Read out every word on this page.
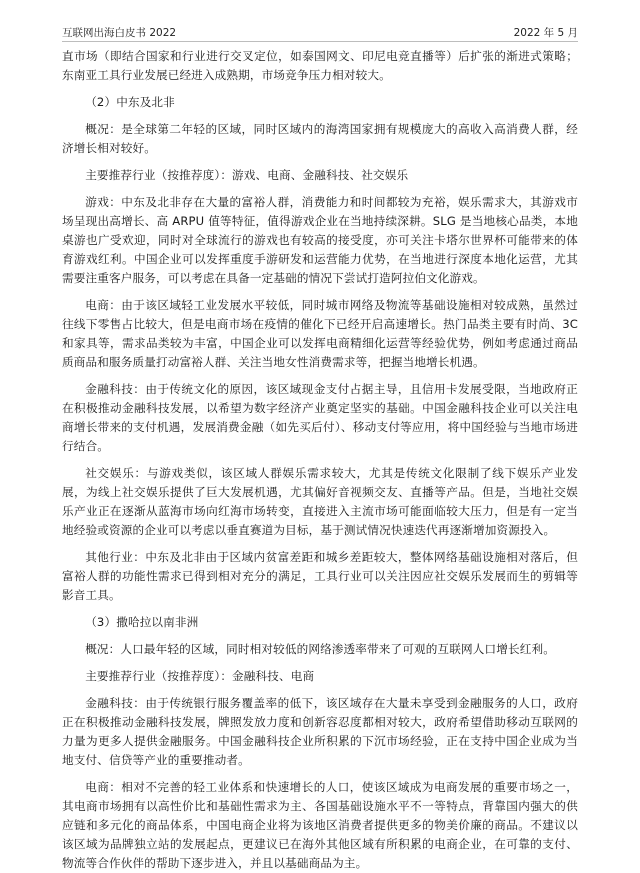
互联网出海白皮书 2022	2022 年 5 月

直市场（即结合国家和行业进行交叉定位，如泰国网文、印尼电竞直播等）后扩张的渐进式策略；东南亚工具行业发展已经进入成熟期，市场竞争压力相对较大。

（2）中东及北非

概况：是全球第二年轻的区域，同时区域内的海湾国家拥有规模庞大的高收入高消费人群，经济增长相对较好。

主要推荐行业（按推荐度）：游戏、电商、金融科技、社交娱乐

游戏：中东及北非存在大量的富裕人群，消费能力和时间都较为充裕，娱乐需求大，其游戏市场呈现出高增长、高 ARPU 值等特征，值得游戏企业在当地持续深耕。SLG 是当地核心品类，本地桌游也广受欢迎，同时对全球流行的游戏也有较高的接受度，亦可关注卡塔尔世界杯可能带来的体育游戏红利。中国企业可以发挥重度手游研发和运营能力优势，在当地进行深度本地化运营，尤其需要注重客户服务，可以考虑在具备一定基础的情况下尝试打造阿拉伯文化游戏。

电商：由于该区域轻工业发展水平较低，同时城市网络及物流等基础设施相对较成熟，虽然过往线下零售占比较大，但是电商市场在疫情的催化下已经开启高速增长。热门品类主要有时尚、3C 和家具等，需求品类较为丰富，中国企业可以发挥电商精细化运营等经验优势，例如考虑通过商品质商品和服务质量打动富裕人群、关注当地女性消费需求等，把握当地增长机遇。

金融科技：由于传统文化的原因，该区域现金支付占据主导，且信用卡发展受限，当地政府正在积极推动金融科技发展，以希望为数字经济产业奠定坚实的基础。中国金融科技企业可以关注电商增长带来的支付机遇，发展消费金融（如先买后付）、移动支付等应用，将中国经验与当地市场进行结合。

社交娱乐：与游戏类似，该区域人群娱乐需求较大，尤其是传统文化限制了线下娱乐产业发展，为线上社交娱乐提供了巨大发展机遇，尤其偏好音视频交友、直播等产品。但是，当地社交娱乐产业正在逐渐从蓝海市场向红海市场转变，直接进入主流市场可能面临较大压力，但是有一定当地经验或资源的企业可以考虑以垂直赛道为目标，基于测试情况快速迭代再逐渐增加资源投入。

其他行业：中东及北非由于区域内贫富差距和城乡差距较大，整体网络基础设施相对落后，但富裕人群的功能性需求已得到相对充分的满足，工具行业可以关注因应社交娱乐发展而生的剪辑等影音工具。

（3）撒哈拉以南非洲

概况：人口最年轻的区域，同时相对较低的网络渗透率带来了可观的互联网人口增长红利。

主要推荐行业（按推荐度）：金融科技、电商

金融科技：由于传统银行服务覆盖率的低下，该区域存在大量未享受到金融服务的人口，政府正在积极推动金融科技发展，牌照发放力度和创新容忍度都相对较大，政府希望借助移动互联网的力量为更多人提供金融服务。中国金融科技企业所积累的下沉市场经验，正在支持中国企业成为当地支付、信贷等产业的重要推动者。

电商：相对不完善的轻工业体系和快速增长的人口，使该区域成为电商发展的重要市场之一，其电商市场拥有以高性价比和基础性需求为主、各国基础设施水平不一等特点，背靠国内强大的供应链和多元化的商品体系，中国电商企业将为该地区消费者提供更多的物美价廉的商品。不建议以该区域为品牌独立站的发展起点，更建议已在海外其他区域有所积累的电商企业，在可靠的支付、物流等合作伙伴的帮助下逐步进入，并且以基础商品为主。
